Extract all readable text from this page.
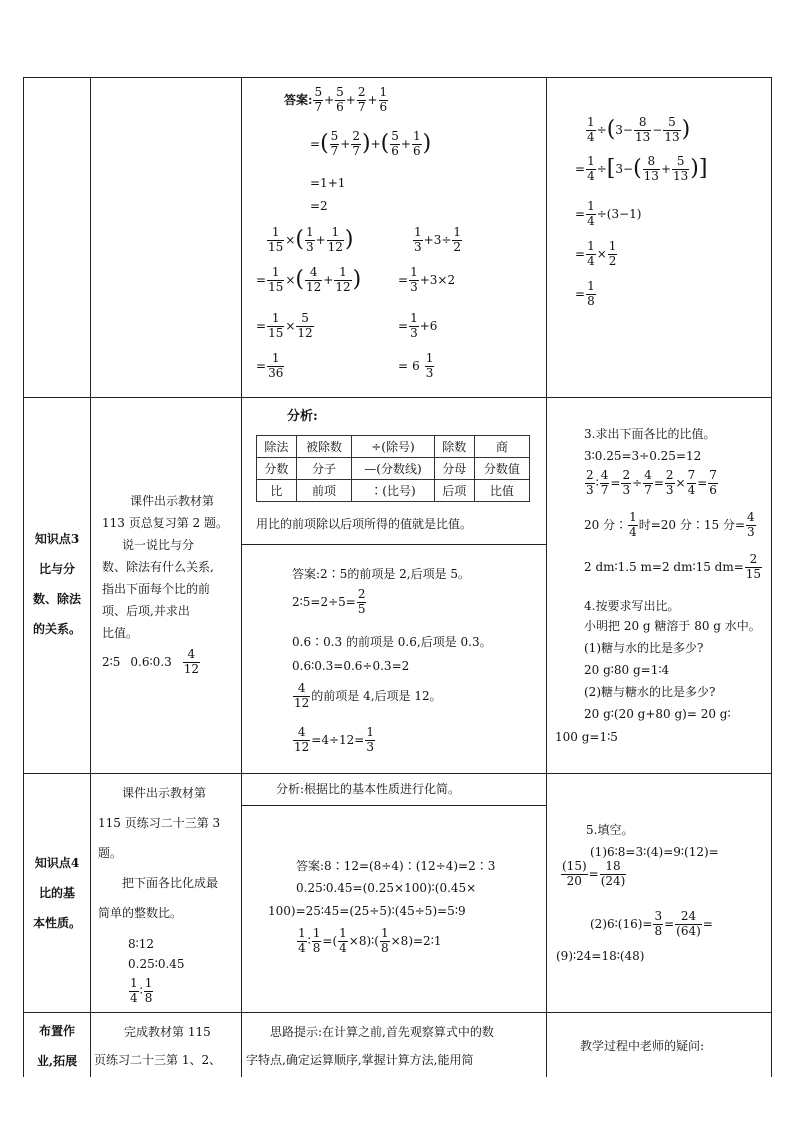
答案: $\frac{5}{7} + \frac{5}{6} + \frac{2}{7} + \frac{1}{6}$
= ( $\frac{5}{7} + \frac{2}{7}$ ) + ( $\frac{5}{6} + \frac{1}{6}$ )
=1+1
=2
$\frac{1}{15}$ × ( $\frac{1}{3} + \frac{1}{12}$ )
= $\frac{1}{15}$ × ( $\frac{4}{12} + \frac{1}{12}$ )
= $\frac{1}{15} \times \frac{5}{12}$
= $\frac{1}{36}$
$\frac{1}{3} +3\div \frac{1}{2}$
= $\frac{1}{3} +3\times 2$
= $\frac{1}{3} +6$
= $6 \frac{1}{3}$
$\frac{1}{4}$ ÷ ( $3- \frac{8}{13} - \frac{5}{13}$ )
= $\frac{1}{4}$ ÷ [ 3− ( $\frac{8}{13} + \frac{5}{13}$ )]
= $\frac{1}{4} \div(3-1)$
= $\frac{1}{4} \times \frac{1}{2}$
= $\frac{1}{8}$
知识点3
比与分
数、除法
的关系。
课件出示教材第
113 页总复习第 2 题。
说一说比与分
数、除法有什么关系,
指出下面每个比的前
项、后项,并求出
比值。
2∶5 0.6∶0.3 $\frac{4}{12}$
分析:
除法	被除数	÷(除号)	除数	商
分数	分子	—(分数线)	分母	分数值
比	前项	∶(比号)	后项	比值
用比的前项除以后项所得的值就是比值。
答案:2∶5的前项是 2,后项是 5。
2∶5=2÷5= $\frac{2}{5}$
0.6∶0.3 的前项是 0.6,后项是 0.3。
0.6∶0.3=0.6÷0.3=2
$\frac{4}{12}$ 的前项是 4,后项是 12。
$\frac{4}{12} =4\div 12= \frac{1}{3}$
3.求出下面各比的比值。
3∶0.25=3÷0.25=12
$\frac{2}{3}$ ∶ $\frac{4}{7} = \frac{2}{3} \div \frac{4}{7} = \frac{2}{3} \times \frac{7}{4} = \frac{7}{6}$
20 分∶ $\frac{1}{4}$ 时=20 分∶15 分= $\frac{4}{3}$
2 dm∶1.5 m=2 dm∶15 $dm= \frac{2}{15}$
4.按要求写出比。
小明把 20 g 糖溶于 80 g 水中。
(1)糖与水的比是多少?
20 g∶80 g=1∶4
(2)糖与糖水的比是多少?
20 g∶(20 g+80 g)= 20 g∶
100 g=1∶5
知识点4
比的基
本性质。
课件出示教材第
115 页练习二十三第 3
题。
把下面各比化成最
简单的整数比。
8∶12
0.25∶0.45
$\frac{1}{4}$ ∶ $\frac{1}{8}$
分析:根据比的基本性质进行化简。
答案:8∶12=(8÷4)∶(12÷4)=2∶3
0.25∶0.45=(0.25×100)∶(0.45×
100)=25∶45=(25÷5)∶(45÷5)=5∶9
$\frac{1}{4}$ ∶ $\frac{1}{8}$ =( $\frac{1}{4}$ ×8)∶( $\frac{1}{8} \times 8$) =2∶1
5.填空。
(1)6∶8=3∶(4)=9∶(12)=
$\frac{(15)}{20} = \frac{18}{(24)}$
(2)6∶(16)= $\frac{3}{8} = \frac{24}{(64)}$ =
(9)∶24=18∶(48)
布置作
业,拓展
完成教材第 115
页练习二十三第 1、2、
思路提示:在计算之前,首先观察算式中的数
字特点,确定运算顺序,掌握计算方法,能用简
教学过程中老师的疑问:
